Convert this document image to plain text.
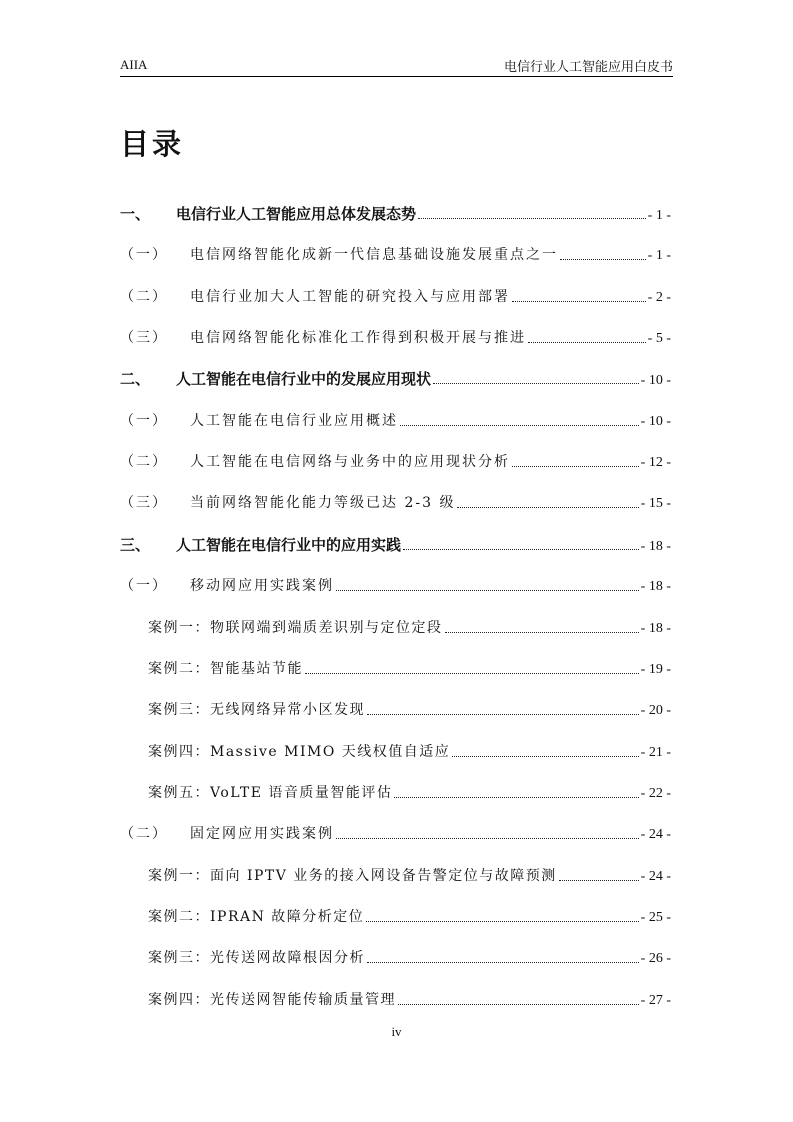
AIIA	电信行业人工智能应用白皮书
目录
一、	电信行业人工智能应用总体发展态势	- 1 -
（一）	电信网络智能化成新一代信息基础设施发展重点之一	- 1 -
（二）	电信行业加大人工智能的研究投入与应用部署	- 2 -
（三）	电信网络智能化标准化工作得到积极开展与推进	- 5 -
二、	人工智能在电信行业中的发展应用现状	- 10 -
（一）	人工智能在电信行业应用概述	- 10 -
（二）	人工智能在电信网络与业务中的应用现状分析	- 12 -
（三）	当前网络智能化能力等级已达 2-3 级	- 15 -
三、	人工智能在电信行业中的应用实践	- 18 -
（一）	移动网应用实践案例	- 18 -
案例一：物联网端到端质差识别与定位定段	- 18 -
案例二：智能基站节能	- 19 -
案例三：无线网络异常小区发现	- 20 -
案例四：Massive MIMO 天线权值自适应	- 21 -
案例五：VoLTE 语音质量智能评估	- 22 -
（二）	固定网应用实践案例	- 24 -
案例一：面向 IPTV 业务的接入网设备告警定位与故障预测	- 24 -
案例二：IPRAN 故障分析定位	- 25 -
案例三：光传送网故障根因分析	- 26 -
案例四：光传送网智能传输质量管理	- 27 -
iv
